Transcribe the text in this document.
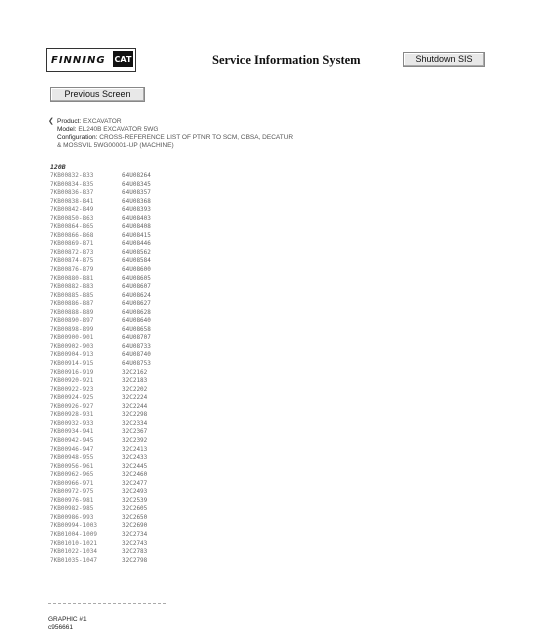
FINNING CAT	Service Information System	Shutdown SIS
Previous Screen
❮ Product: EXCAVATOR
Model: EL240B EXCAVATOR 5WG
Configuration: CROSS-REFERENCE LIST OF PTNR TO SCM, CBSA, DECATUR
& MOSSVIL 5WG00001-UP (MACHINE)
120B
7KB00832-833	64U08264
7KB00834-835	64U08345
7KB00836-837	64U08357
7KB00838-841	64U08368
7KB00842-849	64U08393
7KB00850-863	64U08403
7KB00864-865	64U08408
7KB00866-868	64U08415
7KB00869-871	64U08446
7KB00872-873	64U08562
7KB00874-875	64U08584
7KB00876-879	64U08600
7KB00880-881	64U08605
7KB00882-883	64U08607
7KB00885-885	64U08624
7KB00886-887	64U08627
7KB00888-889	64U08628
7KB00890-897	64U08640
7KB00898-899	64U08658
7KB00900-901	64U08707
7KB00902-903	64U08733
7KB00904-913	64U08740
7KB00914-915	64U08753
7KB00916-919	32C2162
7KB00920-921	32C2183
7KB00922-923	32C2202
7KB00924-925	32C2224
7KB00926-927	32C2244
7KB00928-931	32C2298
7KB00932-933	32C2334
7KB00934-941	32C2367
7KB00942-945	32C2392
7KB00946-947	32C2413
7KB00948-955	32C2433
7KB00956-961	32C2445
7KB00962-965	32C2460
7KB00966-971	32C2477
7KB00972-975	32C2493
7KB00976-981	32C2539
7KB00982-985	32C2605
7KB00986-993	32C2650
7KB00994-1003	32C2690
7KB01004-1009	32C2734
7KB01010-1021	32C2743
7KB01022-1034	32C2783
7KB01035-1047	32C2798
GRAPHIC #1
c956661
